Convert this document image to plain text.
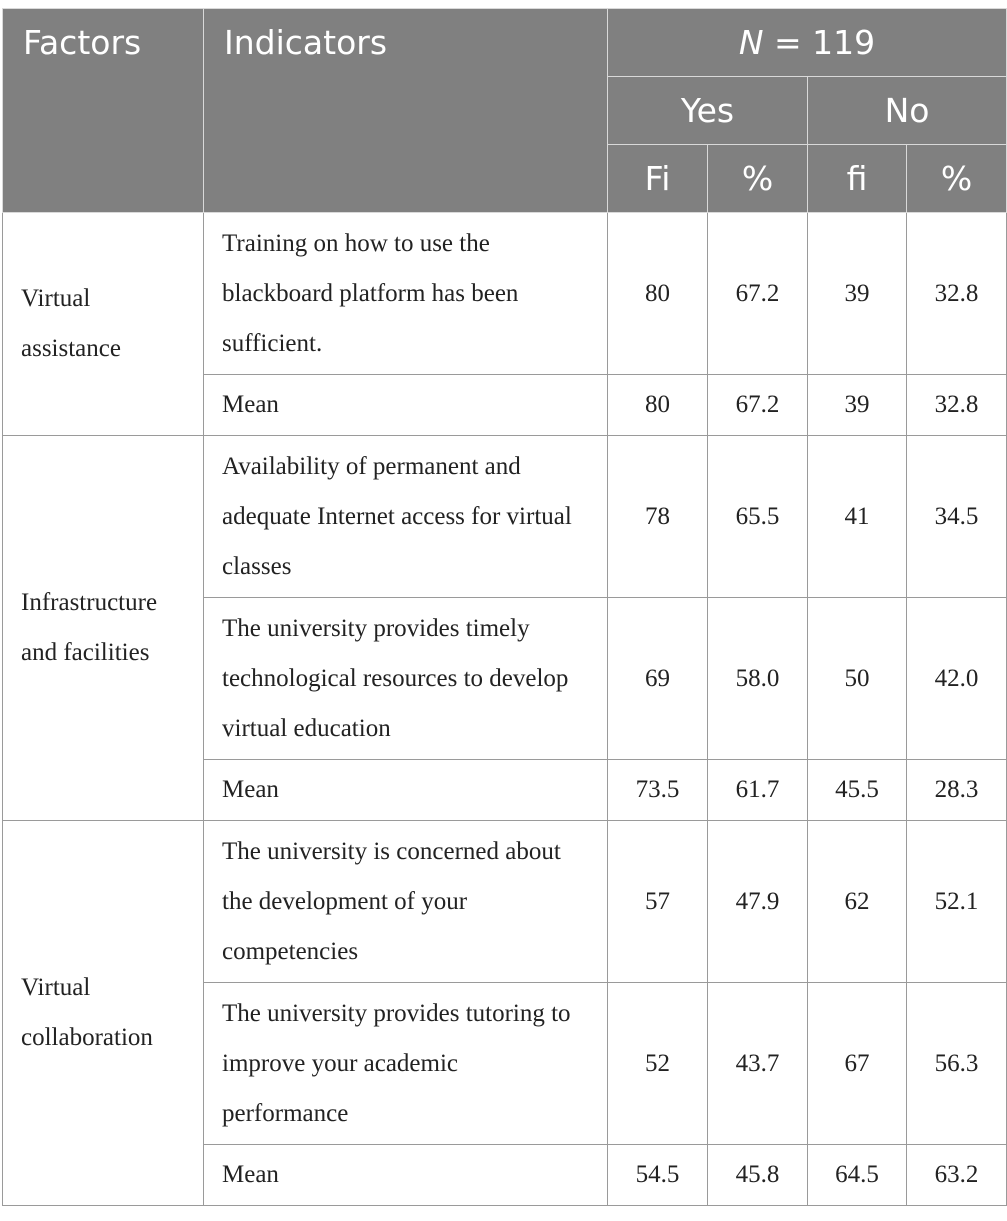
Factors	Indicators	N = 119			
		Yes		No	
		Fi	%	fi	%
Virtual assistance	Training on how to use the blackboard platform has been sufficient.	80	67.2	39	32.8
	Mean	80	67.2	39	32.8
Infrastructure and facilities	Availability of permanent and adequate Internet access for virtual classes	78	65.5	41	34.5
	The university provides timely technological resources to develop virtual education	69	58.0	50	42.0
	Mean	73.5	61.7	45.5	28.3
Virtual collaboration	The university is concerned about the development of your competencies	57	47.9	62	52.1
	The university provides tutoring to improve your academic performance	52	43.7	67	56.3
	Mean	54.5	45.8	64.5	63.2
